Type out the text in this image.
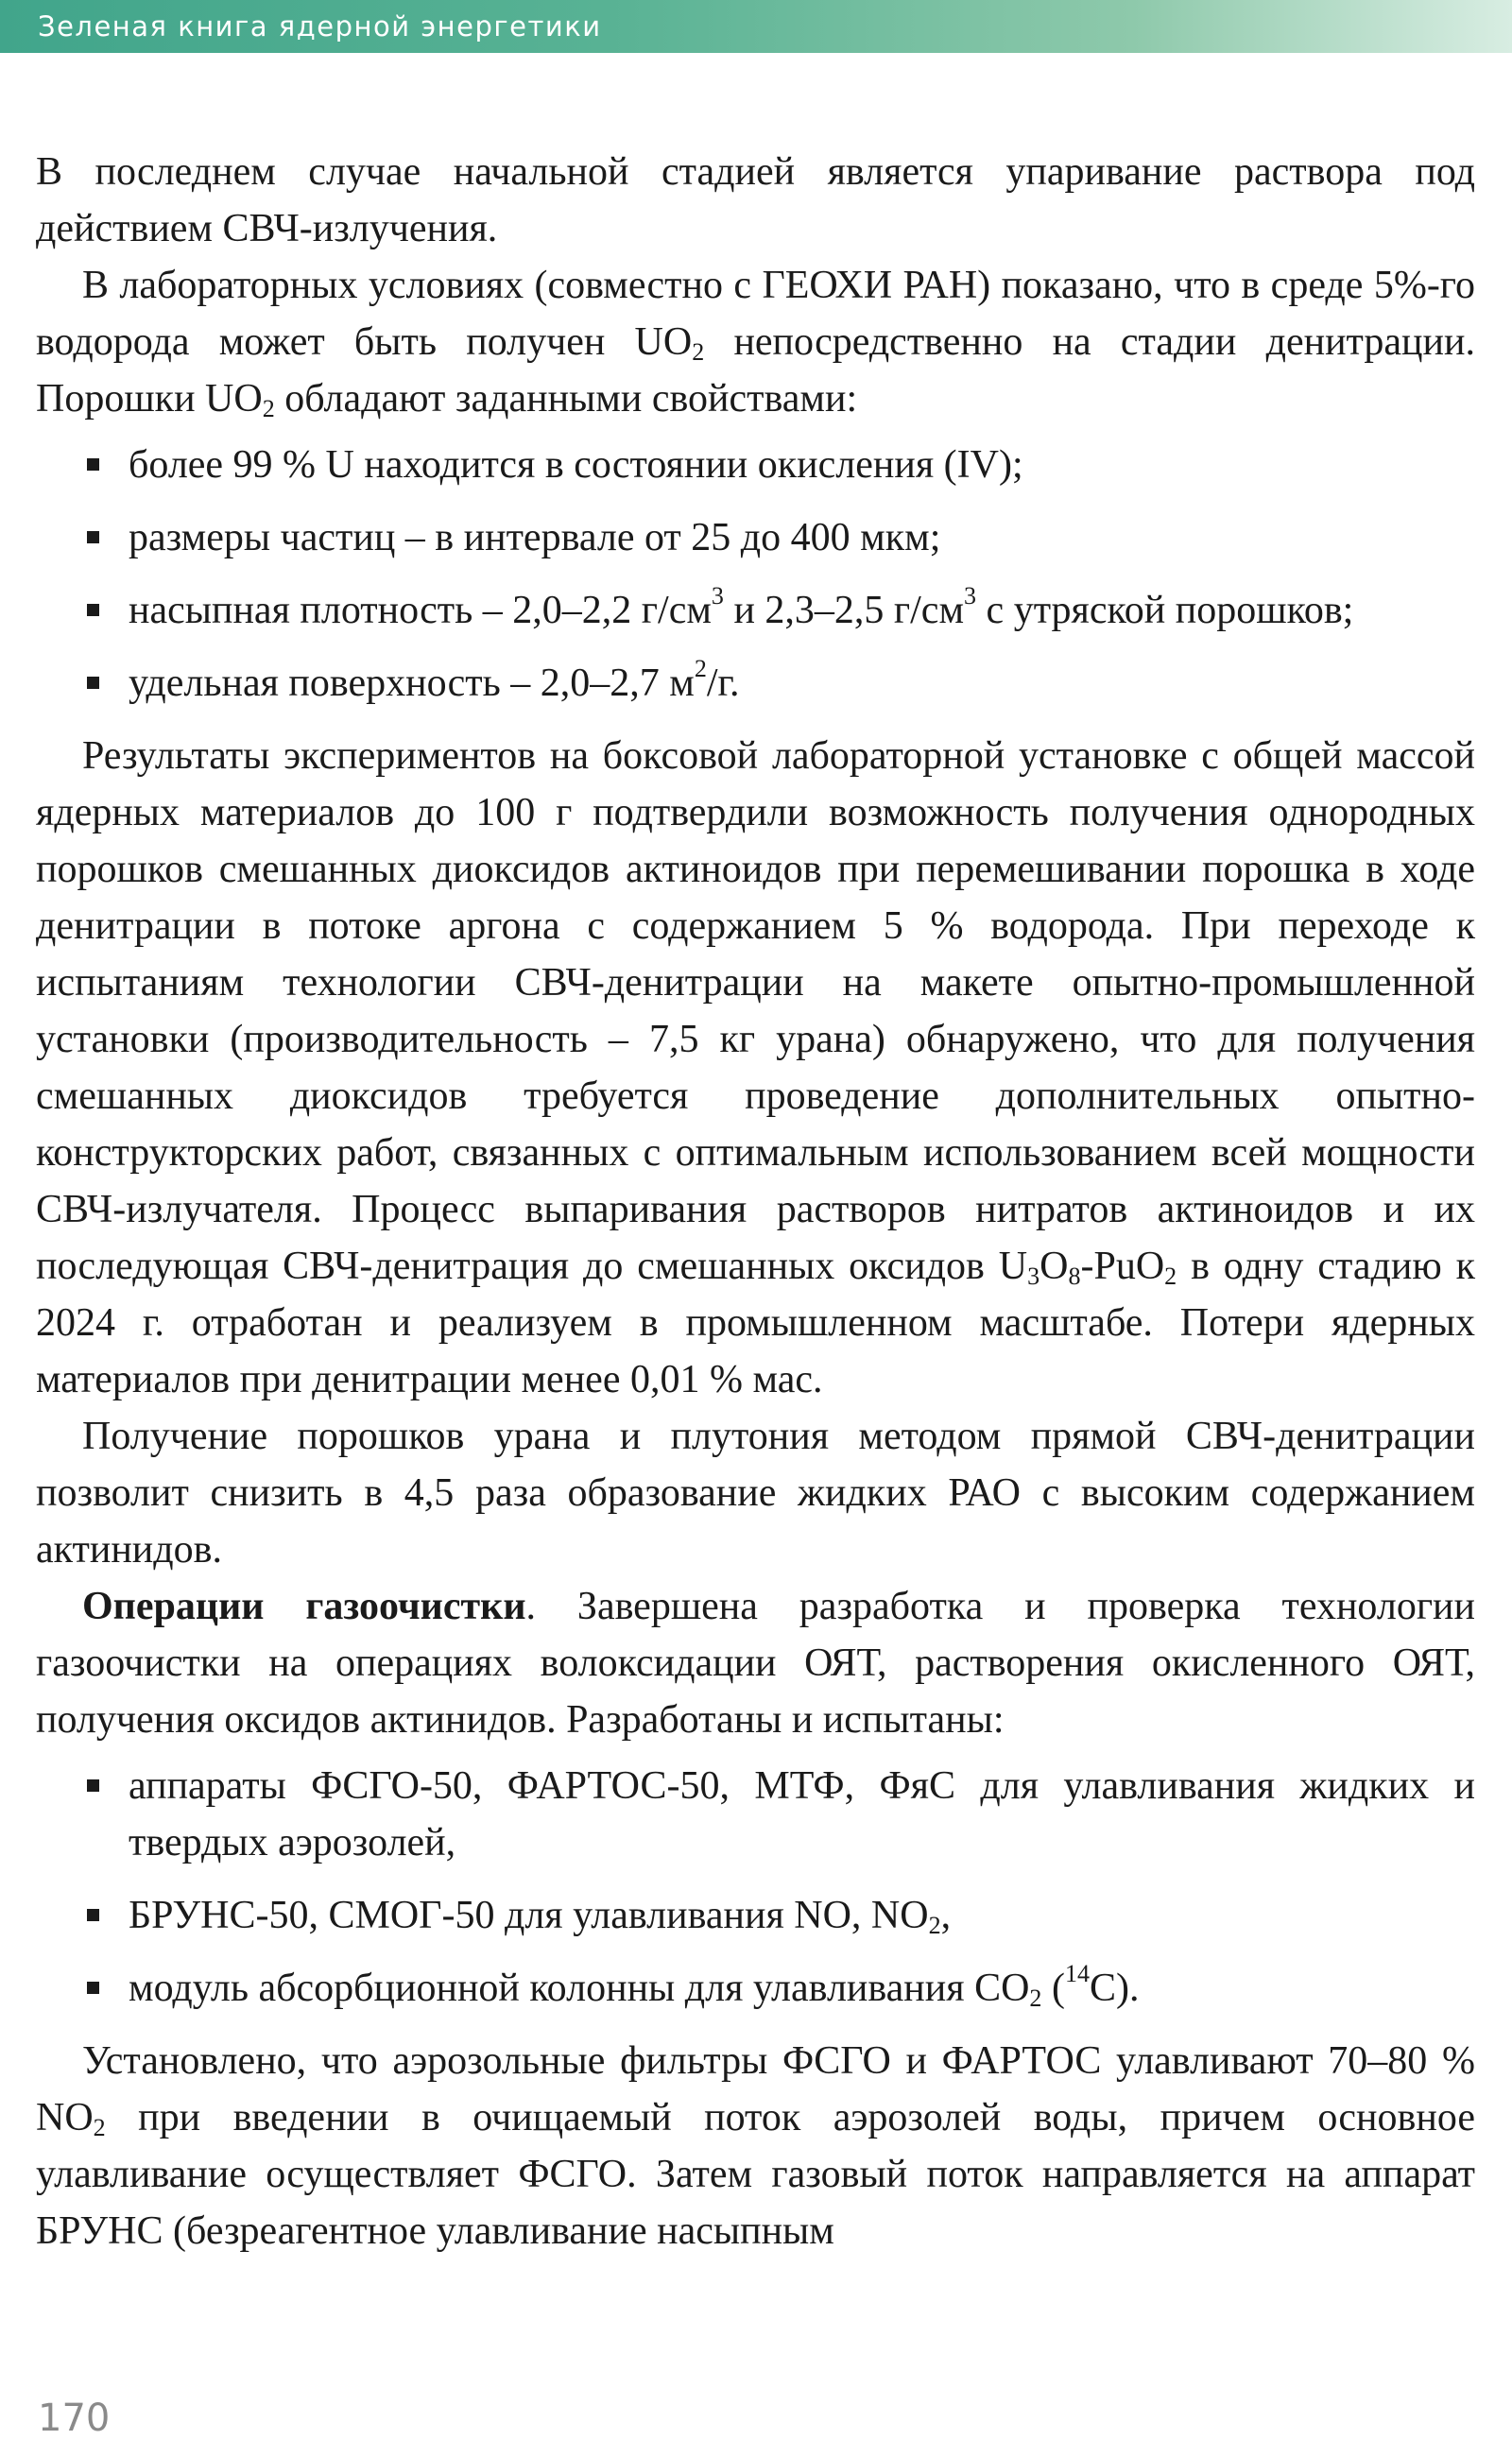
Зеленая книга ядерной энергетики

В последнем случае начальной стадией является упаривание раствора под действием СВЧ-излучения.

В лабораторных условиях (совместно с ГЕОХИ РАН) показано, что в среде 5%-го водорода может быть получен $UO_2$ непосредственно на стадии денитрации. Порошки $UO_2$ обладают заданными свойствами:

более 99 % U находится в состоянии окисления (IV);
размеры частиц – в интервале от 25 до 400 мкм;
насыпная плотность – 2,0–2,2 $г/см^3$ и 2,3–2,5 $г/см^3$ с утряской порошков;
удельная поверхность – 2,0–2,7 $м^2/г$.

Результаты экспериментов на боксовой лабораторной установке с общей массой ядерных материалов до 100 г подтвердили возможность получения однородных порошков смешанных диоксидов актиноидов при перемешивании порошка в ходе денитрации в потоке аргона с содержанием 5 % водорода. При переходе к испытаниям технологии СВЧ-денитрации на макете опытно-промышленной установки (производительность – 7,5 кг урана) обнаружено, что для получения смешанных диоксидов требуется проведение дополнительных опытно-конструкторских работ, связанных с оптимальным использованием всей мощности СВЧ-излучателя. Процесс выпаривания растворов нитратов актиноидов и их последующая СВЧ-денитрация до смешанных оксидов $U_3O_8-PuO_2$ в одну стадию к 2024 г. отработан и реализуем в промышленном масштабе. Потери ядерных материалов при денитрации менее 0,01 % мас.

Получение порошков урана и плутония методом прямой СВЧ-денитрации позволит снизить в 4,5 раза образование жидких РАО с высоким содержанием актинидов.

Операции газоочистки. Завершена разработка и проверка технологии газоочистки на операциях волоксидации ОЯТ, растворения окисленного ОЯТ, получения оксидов актинидов. Разработаны и испытаны:

аппараты ФСГО-50, ФАРТОС-50, МТФ, ФяС для улавливания жидких и твердых аэрозолей,
БРУНС-50, СМОГ-50 для улавливания NO, $NO_2$,
модуль абсорбционной колонны для улавливания $CO_2$ ($^{14}$C).

Установлено, что аэрозольные фильтры ФСГО и ФАРТОС улавливают 70–80 % $NO_2$ при введении в очищаемый поток аэрозолей воды, причем основное улавливание осуществляет ФСГО. Затем газовый поток направляется на аппарат БРУНС (безреагентное улавливание насыпным

170
